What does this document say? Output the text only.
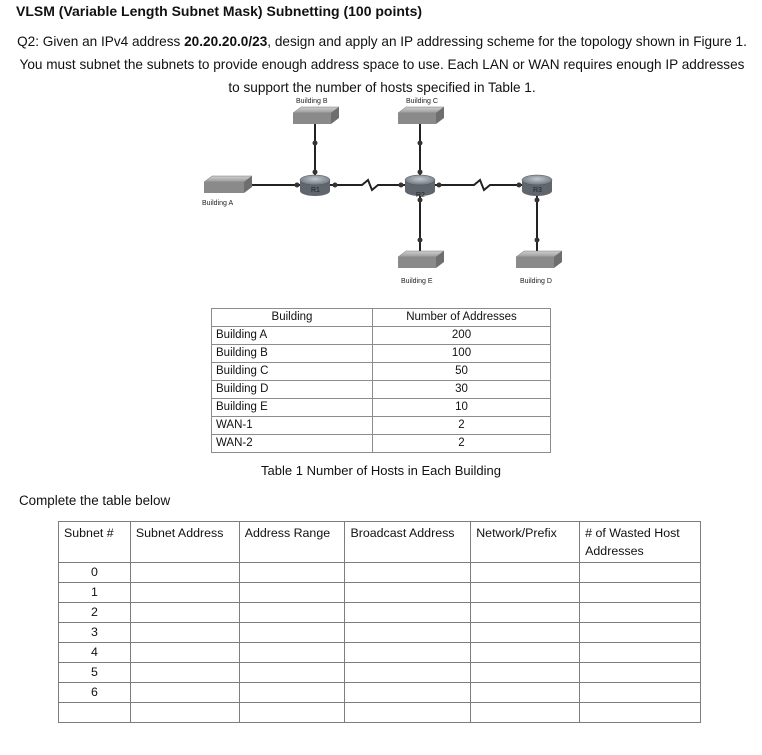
VLSM (Variable Length Subnet Mask) Subnetting (100 points)
Q2: Given an IPv4 address 20.20.20.0/23, design and apply an IP addressing scheme for the topology shown in Figure 1. You must subnet the subnets to provide enough address space to use. Each LAN or WAN requires enough IP addresses to support the number of hosts specified in Table 1.
Building B	Building C
Building A
Building E	Building D
R1
R2
R3
Building	Number of Addresses
Building A	200
Building B	100
Building C	50
Building D	30
Building E	10
WAN-1	2
WAN-2	2
Table 1 Number of Hosts in Each Building
Complete the table below
Subnet #	Subnet Address	Address Range	Broadcast Address	Network/Prefix	# of Wasted Host Addresses
0					
1					
2					
3					
4					
5					
6					
